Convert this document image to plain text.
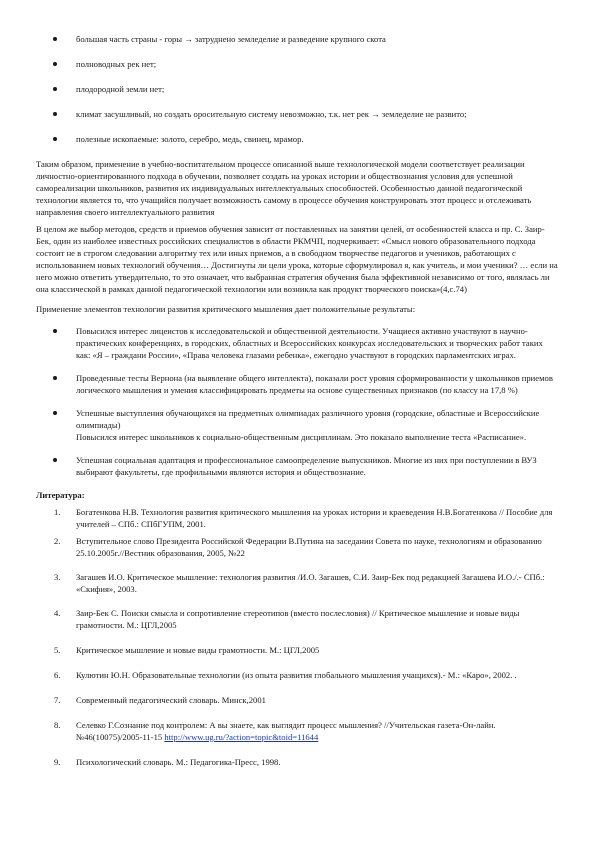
большая часть страны - горы → затруднено земледелие и разведение крупного скота
полноводных рек нет;
плодородной земли нет;
климат засушливый, но создать оросительную систему невозможно, т.к. нет рек → земледелие не развито;
полезные ископаемые: золото, серебро, медь, свинец, мрамор.

Таким образом, применение в учебно-воспитательном процессе описанной выше технологической модели соответствует реализации личностно-ориентированного подхода в обучении, позволяет создать на уроках истории и обществознания условия для успешной самореализации школьников, развития их индивидуальных интеллектуальных способностей. Особенностью данной педагогической технологии является то, что учащийся получает возможность самому в процессе обучения конструировать этот процесс и отслеживать направления своего интеллектуального развития

В целом же выбор методов, средств и приемов обучения зависит от поставленных на занятии целей, от особенностей класса и пр. С. Заир-Бек, один из наиболее известных российских специалистов в области РКМЧП, подчеркивает: «Смысл нового образовательного подхода состоит не в строгом следовании алгоритму тех или иных приемов, а в свободном творчестве педагогов и учеников, работающих с использованием новых технологий обучения… Достигнуты ли цели урока, которые сформулировал я, как учитель, и мои ученики? … если на него можно ответить утвердительно, то это означает, что выбранная стратегия обучения была эффективной независимо от того, являлась ли она классической в рамках данной педагогической технологии или возникла как продукт творческого поиска»(4,с.74)

Применение элементов технологии развития критического мышления дает положительные результаты:

Повысился интерес лицеистов к исследовательской и общественной деятельности. Учащиеся активно участвуют в научно-практических конференциях, в городских, областных и Всероссийских конкурсах исследовательских и творческих работ таких как: «Я – граждани России», «Права человека глазами ребенка», ежегодно участвуют в городских парламентских играх.
Проведенные тесты Вернона (на выявление общего интеллекта), показали рост уровня сформированности у школьников приемов логического мышления и умения классифицировать предметы на основе существенных признаков (по классу на 17,8 %)
Успешные выступления обучающихся на предметных олимпиадах различного уровня (городские, областные и Всероссийские олимпиады)
Повысился интерес школьников к социально-общественным дисциплинам. Это показало выполнение теста «Расписание».
Успешная социальная адаптация и профессиональное самоопределение выпускников. Многие из них при поступлении в ВУЗ выбирают факультеты, где профильными являются история и обществознание.
Литература:
1. Богатенкова Н.В. Технология развития критического мышления на уроках истории и краеведения Н.В.Богатенкова // Пособие для учителей – СПб.: СПбГУПМ, 2001.
2. Вступительное слово Президента Российской Федерации В.Путина на заседании Совета по науке, технологиям и образованию 25.10.2005г.//Вестник образования, 2005, №22
3. Загашев И.О. Критическое мышление: технология развития /И.О. Загашев, С.И. Заир-Бек под редакцией Загашева И.О./.- СПб.: «Скифия», 2003.
4. Заир-Бек С. Поиски смысла и сопротивление стереотипов (вместо послесловия) // Критическое мышление и новые виды грамотности. М.: ЦГЛ,2005
5. Критическое мышление и новые виды грамотности. М.: ЦГЛ,2005
6. Кулютин Ю.Н. Образовательные технологии (из опыта развития глобального мышления учащихся).- М.: «Каро», 2002. .
7. Современный педагогический словарь. Минск,2001
8. Селевко Г.Сознание под контролем: А вы знаете, как выглядит процесс мышления? //Учительская газета-Он-лайн. №46(10075)/2005-11-15 http://www.ug.ru/?action=topic&toid=11644
9. Психологический словарь. М.: Педагогика-Пресс, 1998.
